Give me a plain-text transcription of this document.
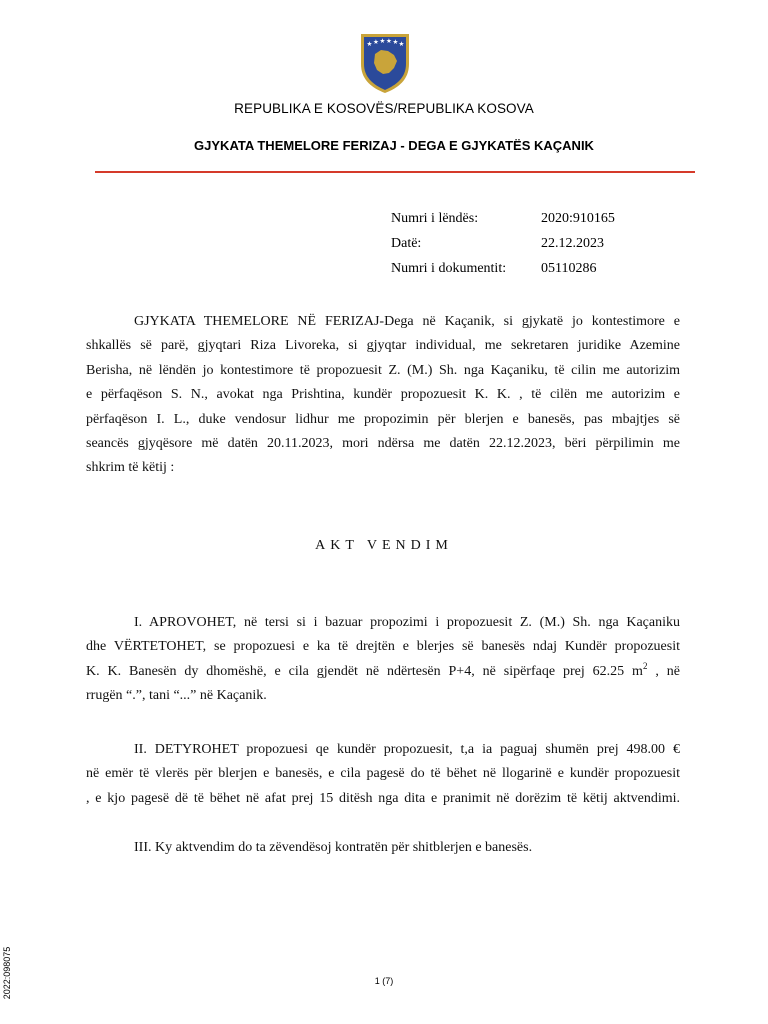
★ ★ ★ ★ ★ ★
REPUBLIKA E KOSOVËS/REPUBLIKA KOSOVA
GJYKATA THEMELORE FERIZAJ - DEGA E GJYKATËS KAÇANIK
Numri i lëndës:	2020:910165
Datë:	22.12.2023
Numri i dokumentit: 05110286
GJYKATA THEMELORE NË FERIZAJ-Dega në Kaçanik, si gjykatë jo kontestimore e
shkallës së parë, gjyqtari Riza Livoreka, si gjyqtar individual, me sekretaren juridike Azemine
Berisha, në lëndën jo kontestimore të propozuesit Z. (M.) Sh. nga Kaçaniku, të cilin me autorizim
e përfaqëson S. N., avokat nga Prishtina, kundër propozuesit K. K. , të cilën me autorizim e
përfaqëson I. L., duke vendosur lidhur me propozimin për blerjen e banesës, pas mbajtjes së
seancës gjyqësore më datën 20.11.2023, mori ndërsa me datën 22.12.2023, bëri përpilimin me
shkrim të këtij :
AKT VENDIM
I. APROVOHET, në tersi si i bazuar propozimi i propozuesit Z. (M.) Sh. nga Kaçaniku
dhe VËRTETOHET, se propozuesi e ka të drejtën e blerjes së banesës ndaj Kundër propozuesit
K. K. Banesën dy dhomëshë, e cila gjendët në ndërtesën P+4, në sipërfaqe prej 62.25 $m^2$ , në
rrugën “.”, tani “...” në Kaçanik.
II. DETYROHET propozuesi qe kundër propozuesit, t,a ia paguaj shumën prej 498.00 €
në emër të vlerës për blerjen e banesës, e cila pagesë do të bëhet në llogarinë e kundër propozuesit
, e kjo pagesë dë të bëhet në afat prej 15 ditësh nga dita e pranimit në dorëzim të këtij aktvendimi.
III. Ky aktvendim do ta zëvendësoj kontratën për shitblerjen e banesës.
1 (7)
2022:098075
